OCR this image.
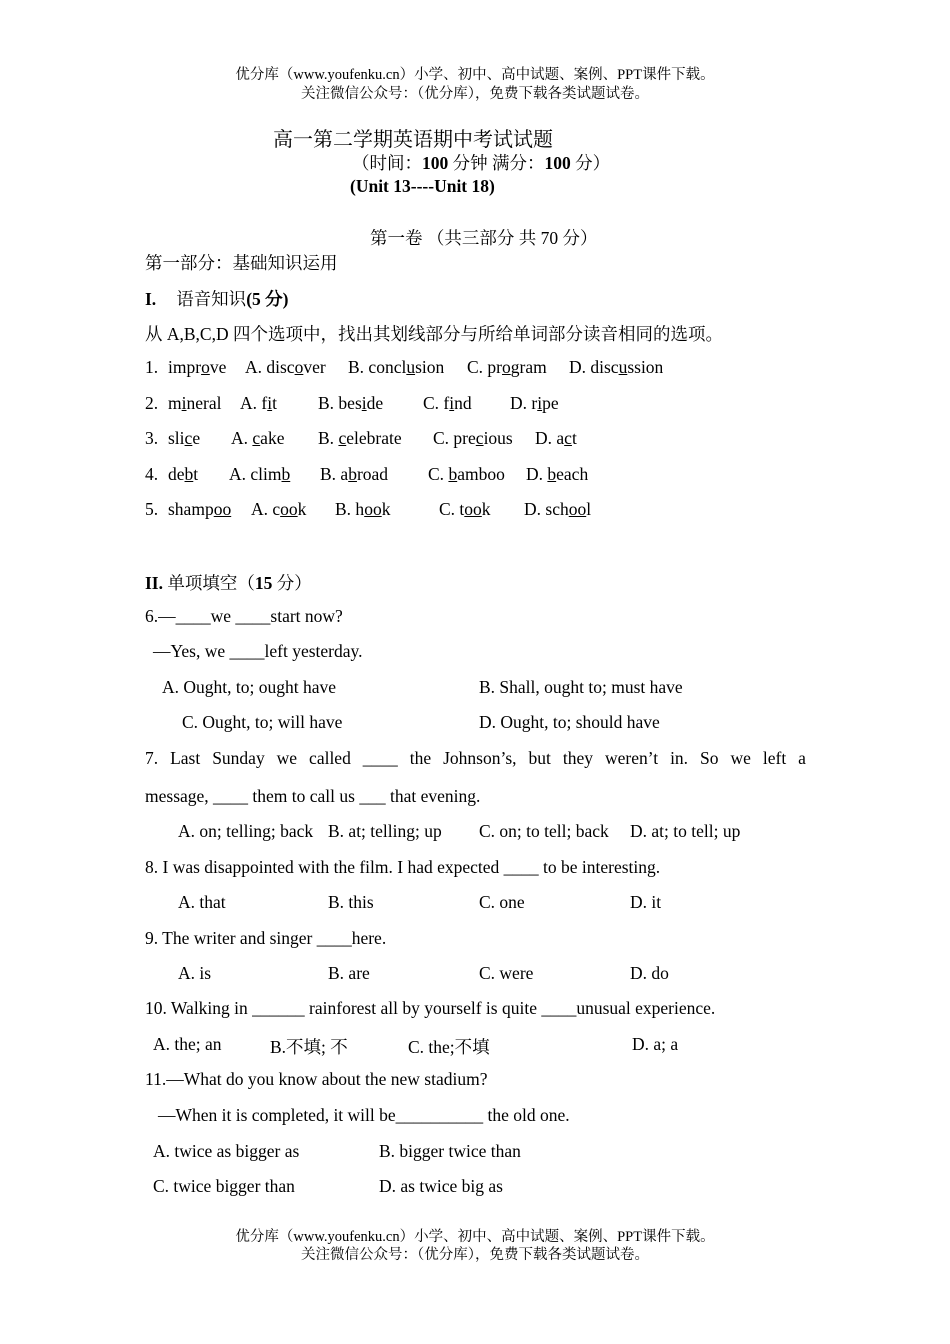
优分库（www.youfenku.cn）小学、初中、高中试题、案例、PPT课件下载。
关注微信公众号：（优分库），免费下载各类试题试卷。
高一第二学期英语期中考试试题
（时间：100 分钟 满分：100 分）
(Unit 13----Unit 18)
第一卷 （共三部分 共 70 分）
第一部分：基础知识运用
I. 语音知识(5 分)
从 A,B,C,D 四个选项中，找出其划线部分与所给单词部分读音相同的选项。
1. improve A. discover B. conclusion C. program D. discussion
2. mineral A. fit B. beside C. find D. ripe
3. slice A. cake B. celebrate C. precious D. act
4. debt A. climb B. abroad C. bamboo D. beach
5. shampoo A. cook B. hook	C. took D. school
II. 单项填空（15 分）
6.—____we ____start now?
—Yes, we ____left yesterday.
A. Ought, to; ought have	B. Shall, ought to; must have
C. Ought, to; will have	D. Ought, to; should have
7. Last Sunday we called ____ the Johnson’s, but they weren’t in. So we left a
message, ____ them to call us ___ that evening.
A. on; telling; back B. at; telling; up C. on; to tell; back D. at; to tell; up
8. I was disappointed with the film. I had expected ____ to be interesting.
A. that	B. this	C. one	D. it
9. The writer and singer ____here.
A. is	B. are	C. were	D. do
10. Walking in ______ rainforest all by yourself is quite ____unusual experience.
A. the; an	B.不填; 不	C. the;不填	D. a; a
11.—What do you know about the new stadium?
—When it is completed, it will be__________ the old one.
A. twice as bigger as	B. bigger twice than
C. twice bigger than	D. as twice big as
优分库（www.youfenku.cn）小学、初中、高中试题、案例、PPT课件下载。
关注微信公众号：（优分库），免费下载各类试题试卷。
